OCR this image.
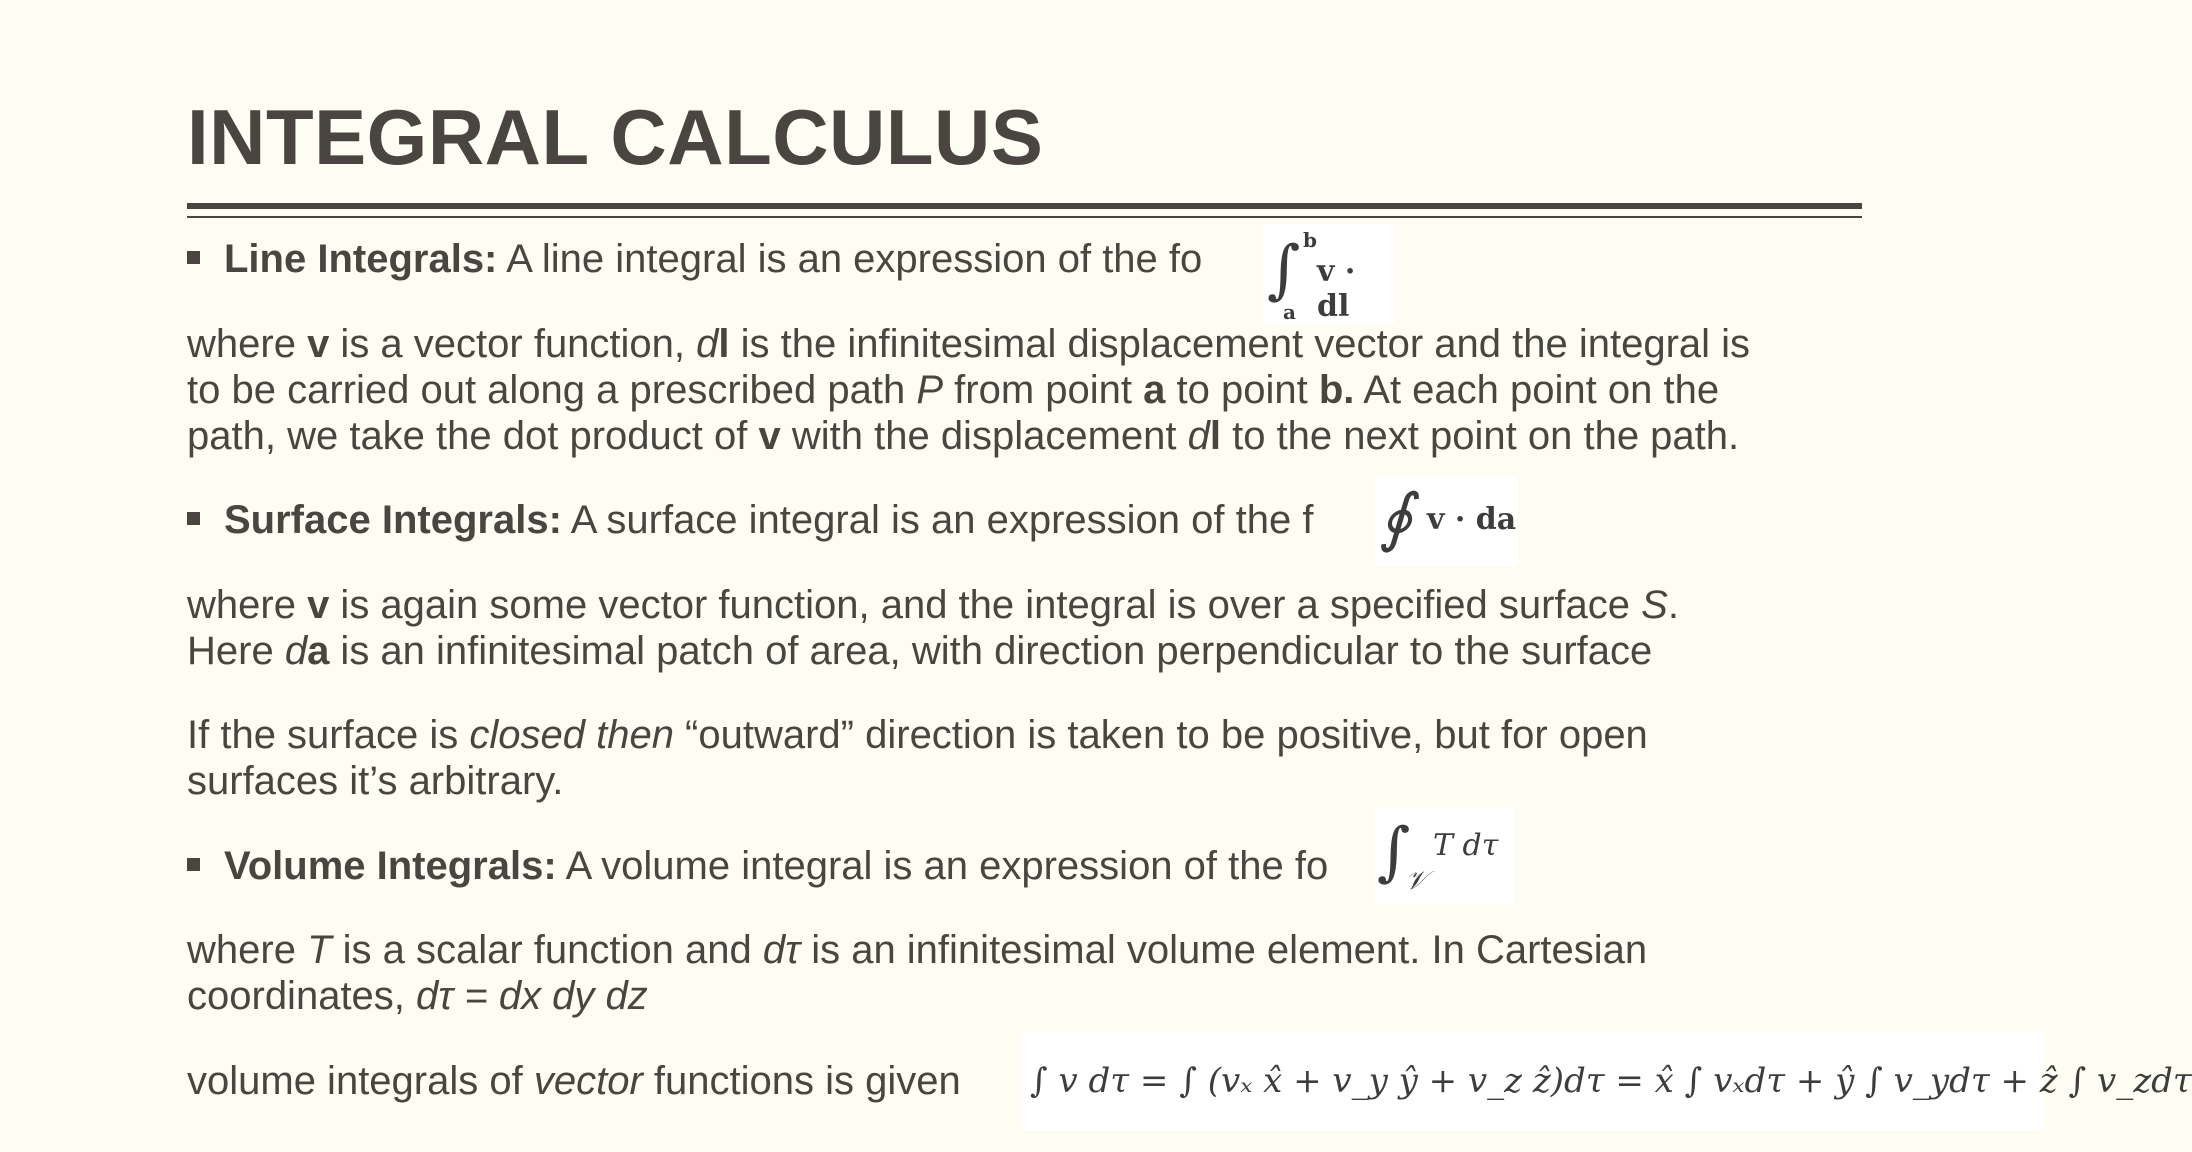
INTEGRAL CALCULUS
Line Integrals: A line integral is an expression of the fo ∫ b
a
v · dl
where v is a vector function, dl is the infinitesimal displacement vector and the integral is
to be carried out along a prescribed path P from point a to point b. At each point on the
path, we take the dot product of v with the displacement dl to the next point on the path.
Surface Integrals: A surface integral is an expression of the f ∮ v · da
where v is again some vector function, and the integral is over a specified surface S.
Here da is an infinitesimal patch of area, with direction perpendicular to the surface
If the surface is closed then “outward” direction is taken to be positive, but for open
surfaces it’s arbitrary.
Volume Integrals: A volume integral is an expression of the fo ∫
𝒱
T dτ
where T is a scalar function and dτ is an infinitesimal volume element. In Cartesian
coordinates, dτ = dx dy dz
volume integrals of vector functions is given ∫ v dτ = ∫ (vₓ x̂ + v_y ŷ + v_z ẑ)dτ = x̂ ∫ vₓdτ + ŷ ∫ v_ydτ + ẑ ∫ v_zdτ
